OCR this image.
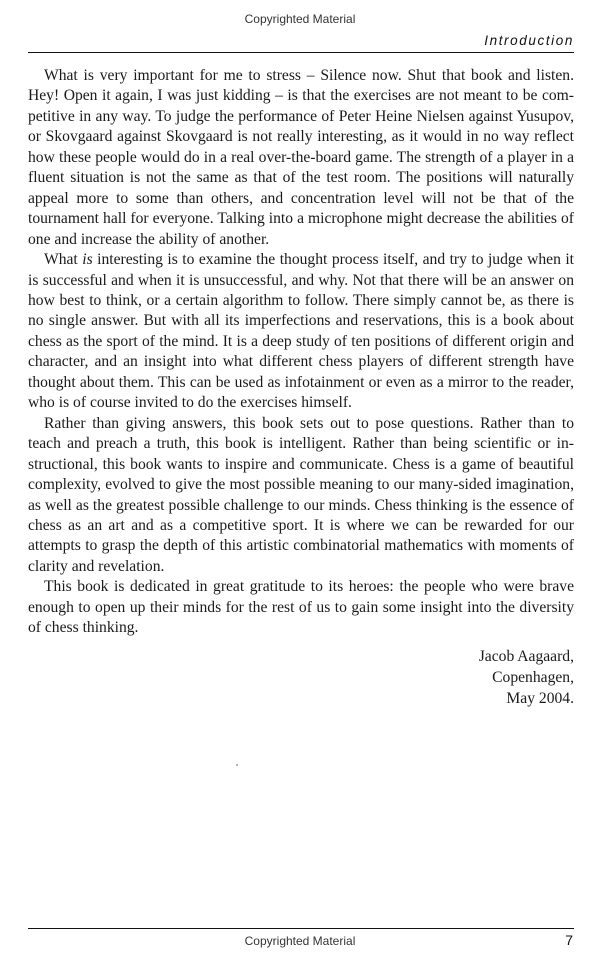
Copyrighted Material
Introduction

What is very important for me to stress – Silence now. Shut that book and listen. Hey! Open it again, I was just kidding – is that the exercises are not meant to be competitive in any way. To judge the performance of Peter Heine Nielsen against Yusupov, or Skovgaard against Skovgaard is not really interesting, as it would in no way reflect how these people would do in a real over-the-board game. The strength of a player in a fluent situation is not the same as that of the test room. The positions will naturally appeal more to some than others, and concentration level will not be that of the tournament hall for everyone. Talking into a microphone might decrease the abilities of one and increase the ability of another.

What is interesting is to examine the thought process itself, and try to judge when it is successful and when it is unsuccessful, and why. Not that there will be an answer on how best to think, or a certain algorithm to follow. There simply cannot be, as there is no single answer. But with all its imperfections and reservations, this is a book about chess as the sport of the mind. It is a deep study of ten positions of different origin and character, and an insight into what different chess players of different strength have thought about them. This can be used as infotainment or even as a mirror to the reader, who is of course invited to do the exercises himself.

Rather than giving answers, this book sets out to pose questions. Rather than to teach and preach a truth, this book is intelligent. Rather than being scientific or instructional, this book wants to inspire and communicate. Chess is a game of beautiful complexity, evolved to give the most possible meaning to our many-sided imagination, as well as the greatest possible challenge to our minds. Chess thinking is the essence of chess as an art and as a competitive sport. It is where we can be rewarded for our attempts to grasp the depth of this artistic combinatorial mathematics with moments of clarity and revelation.

This book is dedicated in great gratitude to its heroes: the people who were brave enough to open up their minds for the rest of us to gain some insight into the diversity of chess thinking.

Jacob Aagaard,
Copenhagen,
May 2004.
Copyrighted Material	7
